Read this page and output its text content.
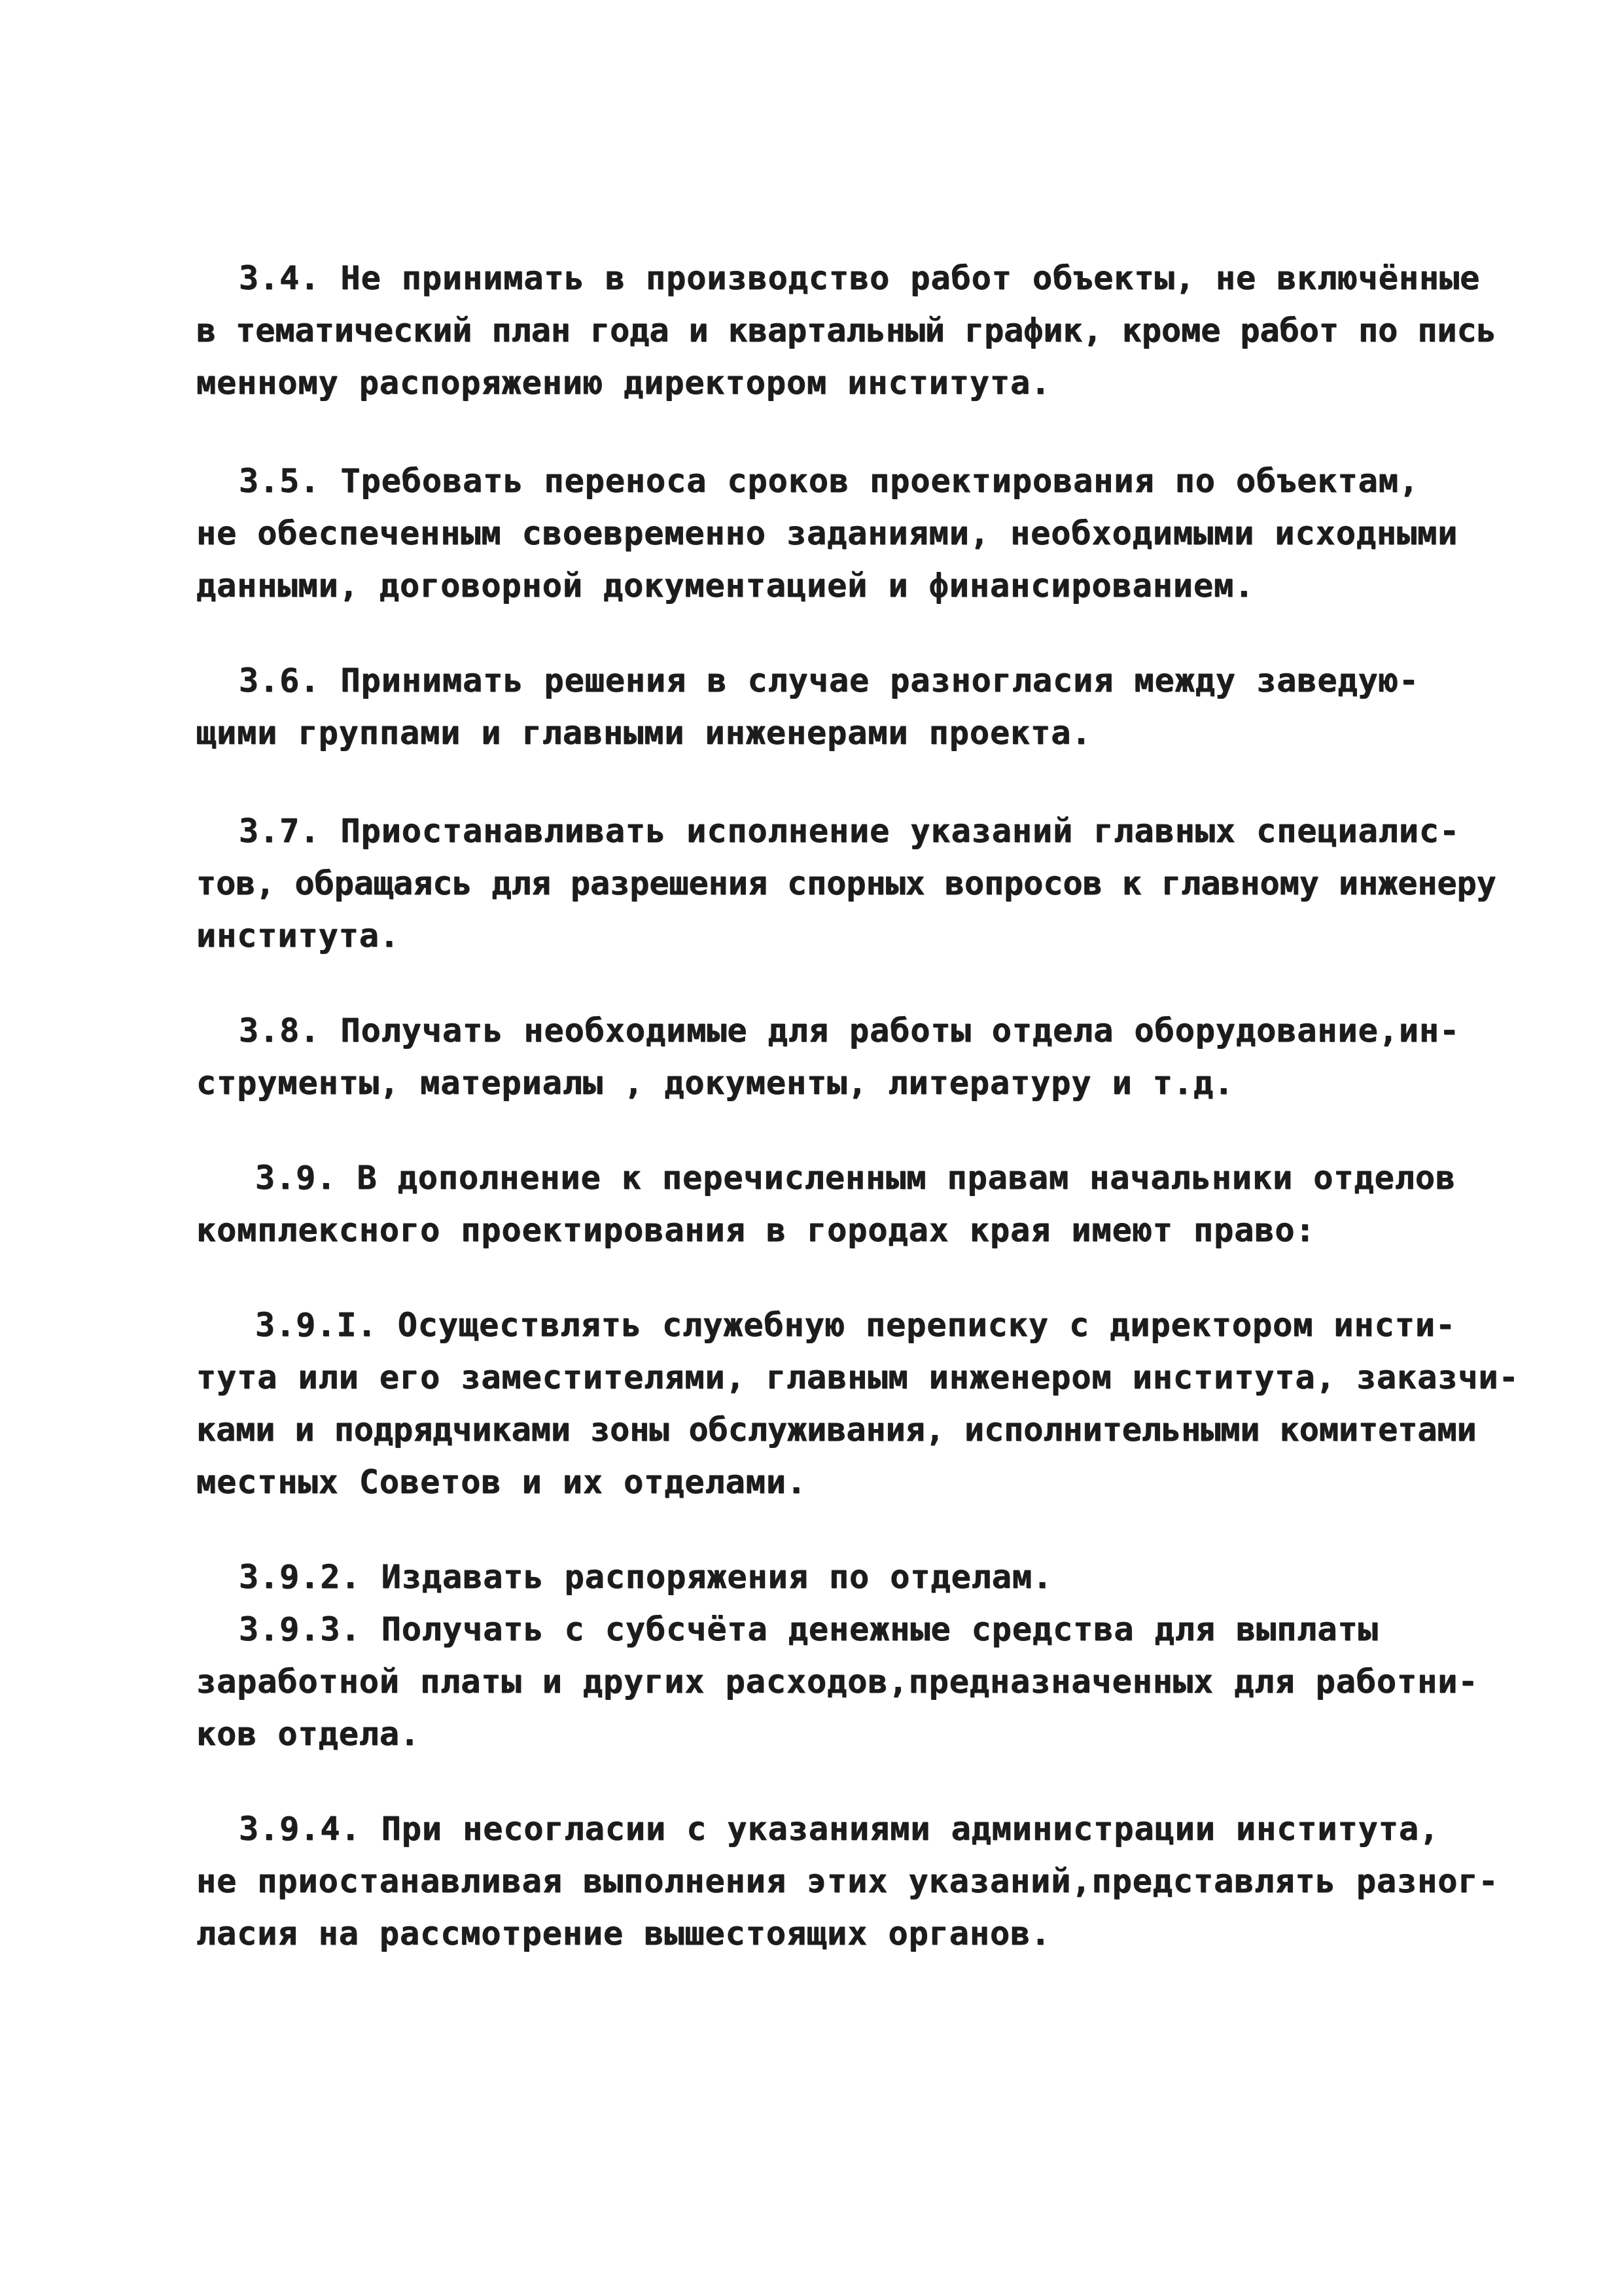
3.4. Не принимать в производство работ объекты, не включённые
в тематический план года и квартальный график, кроме работ по пись
менному распоряжению директором института.
3.5. Требовать переноса сроков проектирования по объектам,
не обеспеченным своевременно заданиями, необходимыми исходными
данными, договорной документацией и финансированием.
3.6. Принимать решения в случае разногласия между заведую-
щими группами и главными инженерами проекта.
3.7. Приостанавливать исполнение указаний главных специалис-
тов, обращаясь для разрешения спорных вопросов к главному инженеру
института.
3.8. Получать необходимые для работы отдела оборудование,ин-
струменты, материалы , документы, литературу и т.д.
3.9. В дополнение к перечисленным правам начальники отделов
комплексного проектирования в городах края имеют право:
3.9.I. Осуществлять служебную переписку с директором инсти-
тута или его заместителями, главным инженером института, заказчи-
ками и подрядчиками зоны обслуживания, исполнительными комитетами
местных Советов и их отделами.
3.9.2. Издавать распоряжения по отделам.
3.9.3. Получать с субсчёта денежные средства для выплаты
заработной платы и других расходов,предназначенных для работни-
ков отдела.
3.9.4. При несогласии с указаниями администрации института,
не приостанавливая выполнения этих указаний,представлять разног-
ласия на рассмотрение вышестоящих органов.
